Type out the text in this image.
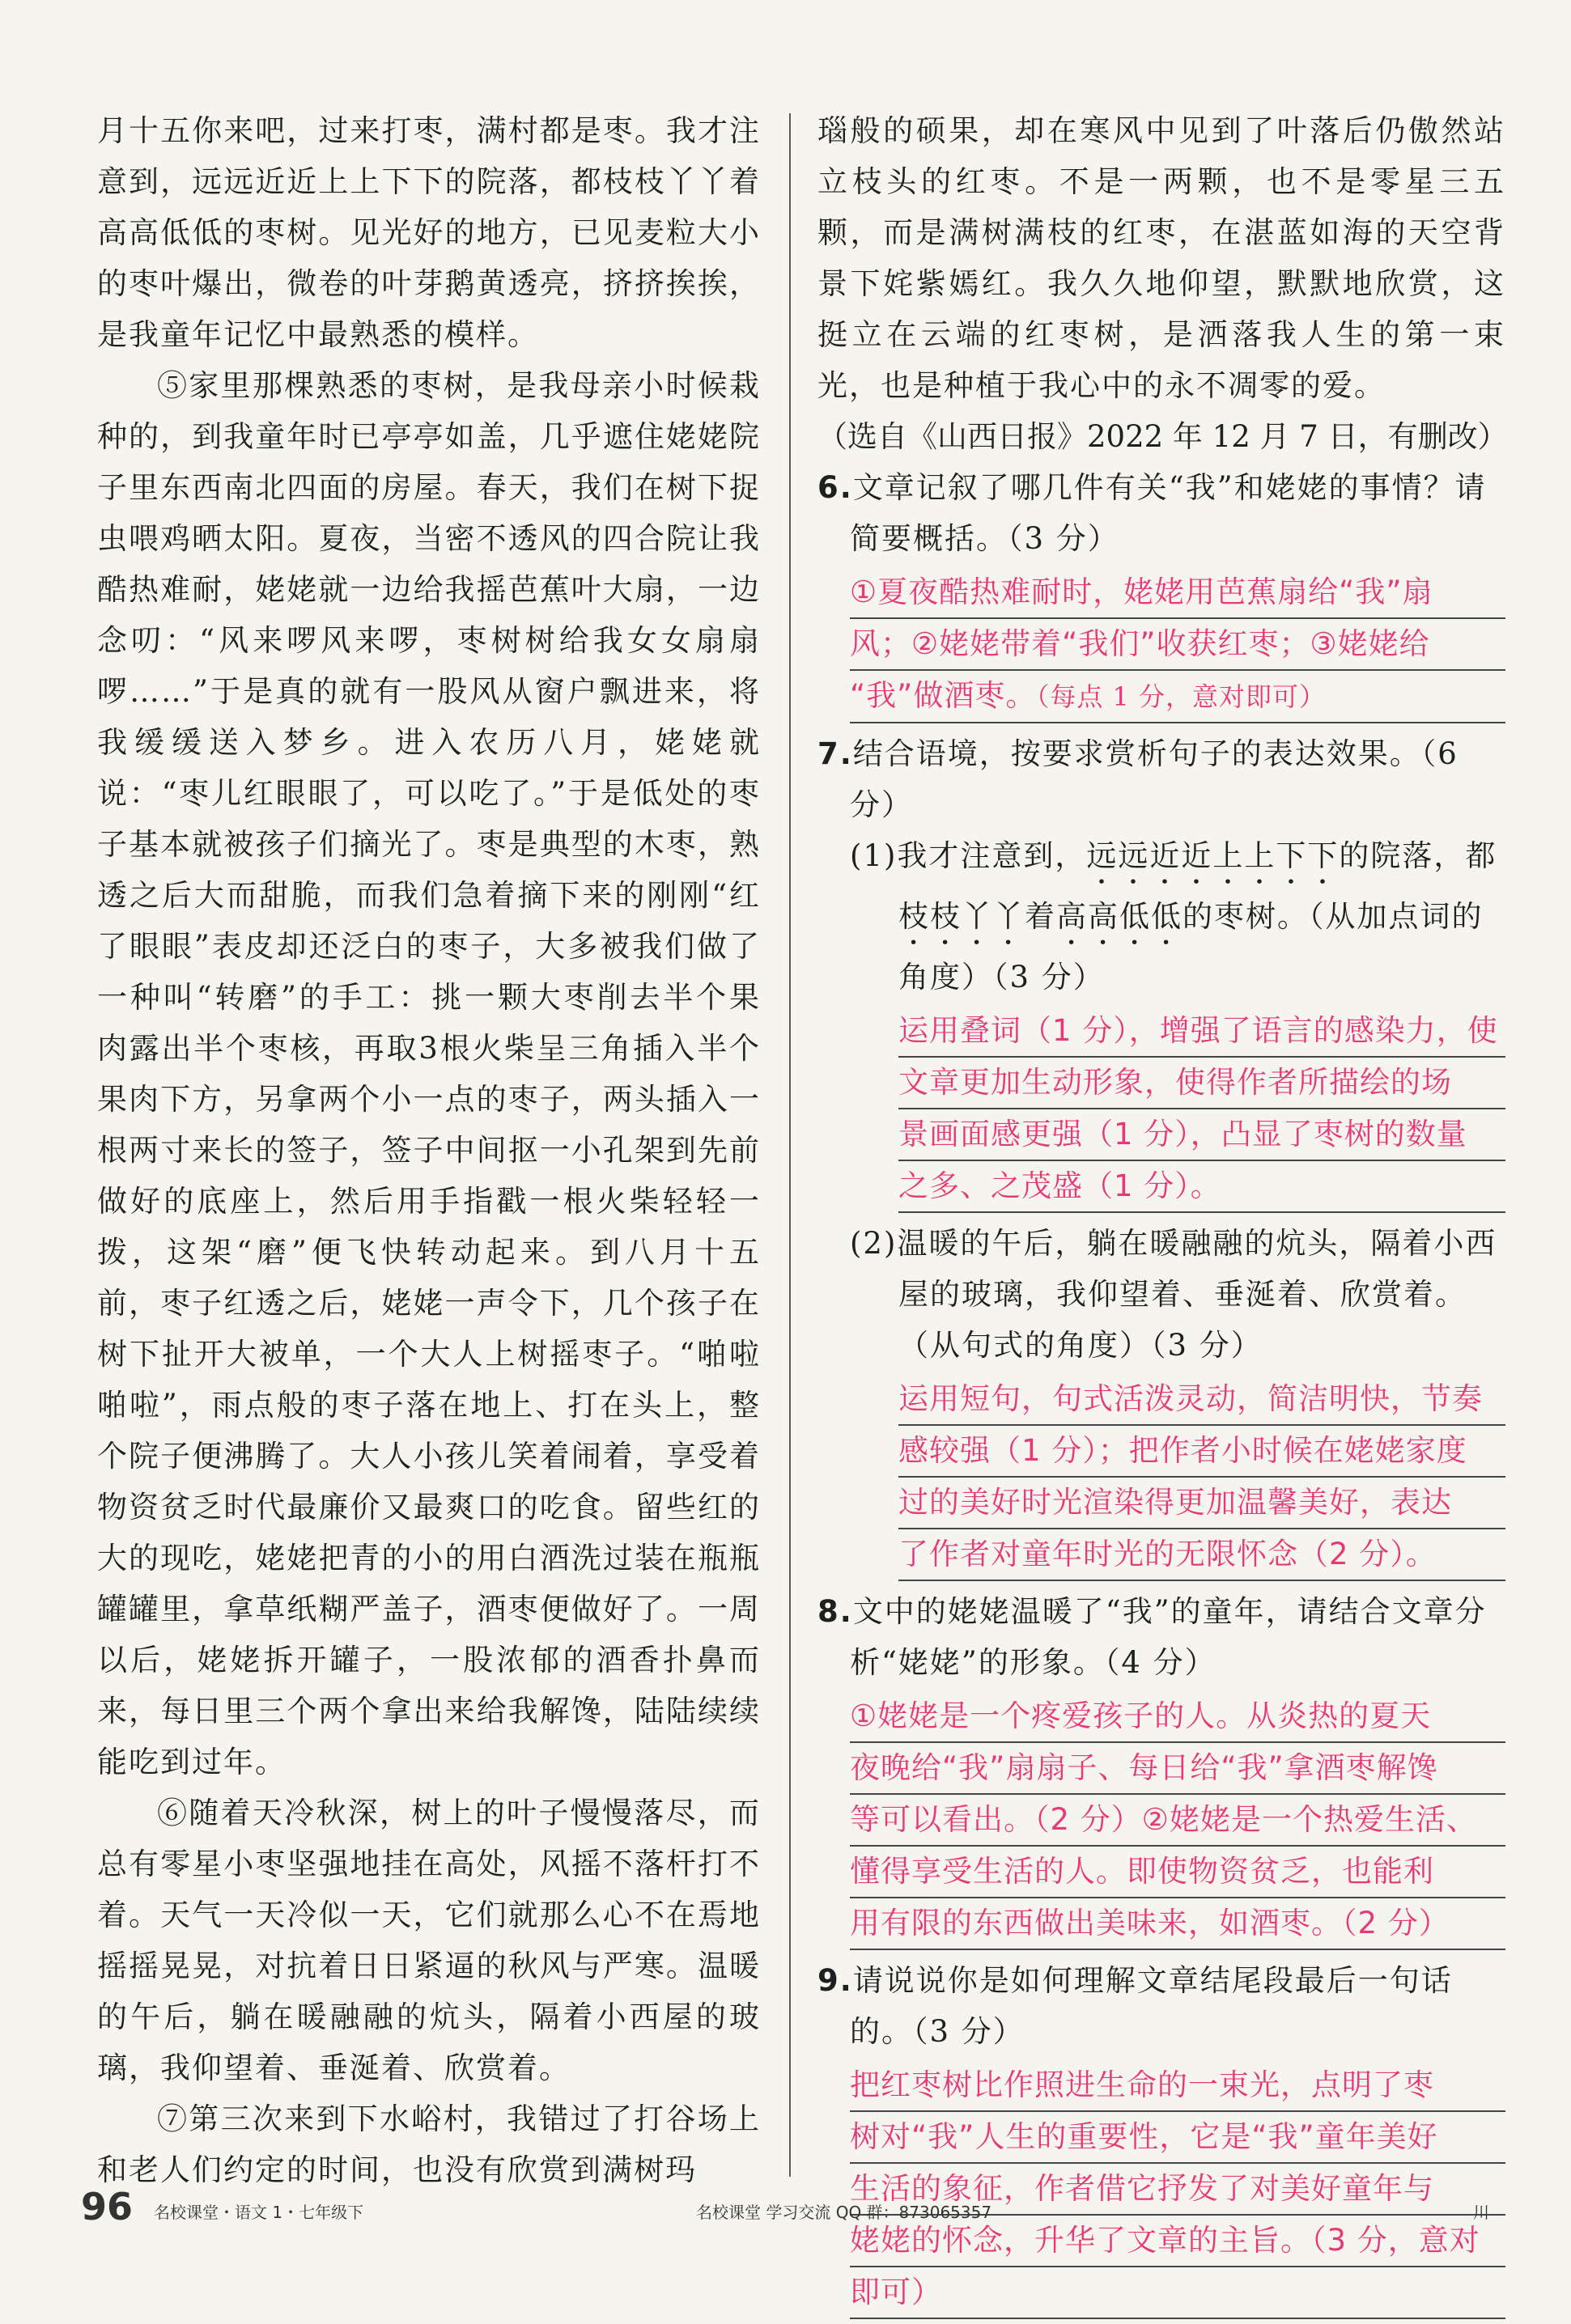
月十五你来吧，过来打枣，满村都是枣。我才注意到，远远近近上上下下的院落，都枝枝丫丫着高高低低的枣树。见光好的地方，已见麦粒大小的枣叶爆出，微卷的叶芽鹅黄透亮，挤挤挨挨，是我童年记忆中最熟悉的模样。

⑤家里那棵熟悉的枣树，是我母亲小时候栽种的，到我童年时已亭亭如盖，几乎遮住姥姥院子里东西南北四面的房屋。春天，我们在树下捉虫喂鸡晒太阳。夏夜，当密不透风的四合院让我酷热难耐，姥姥就一边给我摇芭蕉叶大扇，一边念叨：“风来啰风来啰，枣树树给我女女扇扇啰……”于是真的就有一股风从窗户飘进来，将我缓缓送入梦乡。进入农历八月，姥姥就说：“枣儿红眼眼了，可以吃了。”于是低处的枣子基本就被孩子们摘光了。枣是典型的木枣，熟透之后大而甜脆，而我们急着摘下来的刚刚“红了眼眼”表皮却还泛白的枣子，大多被我们做了一种叫“转磨”的手工：挑一颗大枣削去半个果肉露出半个枣核，再取3根火柴呈三角插入半个果肉下方，另拿两个小一点的枣子，两头插入一根两寸来长的签子，签子中间抠一小孔架到先前做好的底座上，然后用手指戳一根火柴轻轻一拨，这架“磨”便飞快转动起来。到八月十五前，枣子红透之后，姥姥一声令下，几个孩子在树下扯开大被单，一个大人上树摇枣子。“啪啦啪啦”，雨点般的枣子落在地上、打在头上，整个院子便沸腾了。大人小孩儿笑着闹着，享受着物资贫乏时代最廉价又最爽口的吃食。留些红的大的现吃，姥姥把青的小的用白酒洗过装在瓶瓶罐罐里，拿草纸糊严盖子，酒枣便做好了。一周以后，姥姥拆开罐子，一股浓郁的酒香扑鼻而来，每日里三个两个拿出来给我解馋，陆陆续续能吃到过年。

⑥随着天冷秋深，树上的叶子慢慢落尽，而总有零星小枣坚强地挂在高处，风摇不落杆打不着。天气一天冷似一天，它们就那么心不在焉地摇摇晃晃，对抗着日日紧逼的秋风与严寒。温暖的午后，躺在暖融融的炕头，隔着小西屋的玻璃，我仰望着、垂涎着、欣赏着。

⑦第三次来到下水峪村，我错过了打谷场上和老人们约定的时间，也没有欣赏到满树玛

瑙般的硕果，却在寒风中见到了叶落后仍傲然站立枝头的红枣。不是一两颗，也不是零星三五颗，而是满树满枝的红枣，在湛蓝如海的天空背景下姹紫嫣红。我久久地仰望，默默地欣赏，这挺立在云端的红枣树，是洒落我人生的第一束光，也是种植于我心中的永不凋零的爱。

（选自《山西日报》2022 年 12 月 7 日，有删改）

6.文章记叙了哪几件有关“我”和姥姥的事情？请简要概括。（3 分）

①夏夜酷热难耐时，姥姥用芭蕉扇给“我”扇
风；②姥姥带着“我们”收获红枣；③姥姥给
“我”做酒枣。（每点 1 分，意对即可）

7.结合语境，按要求赏析句子的表达效果。（6 分）

(1)我才注意到，远远近近上上下下的院落，都枝枝丫丫着高高低低的枣树。（从加点词的角度）（3 分）

运用叠词（1 分），增强了语言的感染力，使
文章更加生动形象，使得作者所描绘的场
景画面感更强（1 分），凸显了枣树的数量
之多、之茂盛（1 分）。

(2)温暖的午后，躺在暖融融的炕头，隔着小西屋的玻璃，我仰望着、垂涎着、欣赏着。（从句式的角度）（3 分）

运用短句，句式活泼灵动，简洁明快，节奏
感较强（1 分）；把作者小时候在姥姥家度
过的美好时光渲染得更加温馨美好，表达
了作者对童年时光的无限怀念（2 分）。

8.文中的姥姥温暖了“我”的童年，请结合文章分析“姥姥”的形象。（4 分）

①姥姥是一个疼爱孩子的人。从炎热的夏天
夜晚给“我”扇扇子、每日给“我”拿酒枣解馋
等可以看出。（2 分）②姥姥是一个热爱生活、
懂得享受生活的人。即使物资贫乏，也能利
用有限的东西做出美味来，如酒枣。（2 分）

9.请说说你是如何理解文章结尾段最后一句话的。（3 分）

把红枣树比作照进生命的一束光，点明了枣
树对“我”人生的重要性，它是“我”童年美好
生活的象征，作者借它抒发了对美好童年与
姥姥的怀念，升华了文章的主旨。（3 分，意对
即可）
96 名校课堂・语文 1・七年级下	名校课堂 学习交流 QQ 群：873065357	川
